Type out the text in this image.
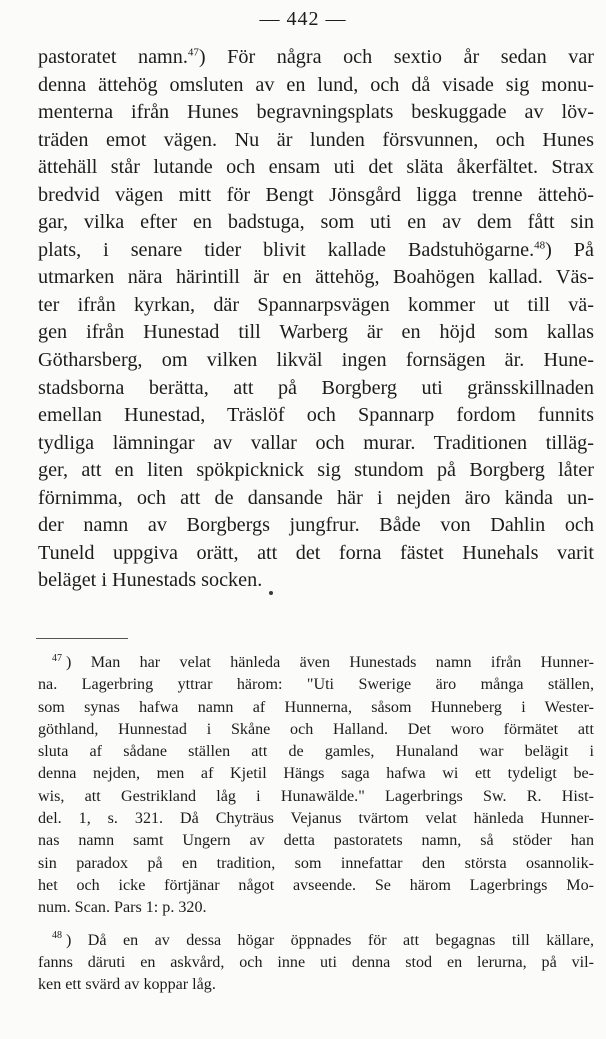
— 442 —
pastoratet namn.$^{47}$) För några och sextio år sedan var
denna ättehög omsluten av en lund, och då visade sig monu-
menterna ifrån Hunes begravningsplats beskuggade av löv-
träden emot vägen. Nu är lunden försvunnen, och Hunes
ättehäll står lutande och ensam uti det släta åkerfältet. Strax
bredvid vägen mitt för Bengt Jönsgård ligga trenne ättehö-
gar, vilka efter en badstuga, som uti en av dem fått sin
plats, i senare tider blivit kallade Badstuhögarne.$^{48}$) På
utmarken nära härintill är en ättehög, Boahögen kallad. Väs-
ter ifrån kyrkan, där Spannarpsvägen kommer ut till vä-
gen ifrån Hunestad till Warberg är en höjd som kallas
Götharsberg, om vilken likväl ingen fornsägen är. Hune-
stadsborna berätta, att på Borgberg uti gränsskillnaden
emellan Hunestad, Träslöf och Spannarp fordom funnits
tydliga lämningar av vallar och murar. Traditionen tilläg-
ger, att en liten spökpicknick sig stundom på Borgberg låter
förnimma, och att de dansande här i nejden äro kända un-
der namn av Borgbergs jungfrur. Både von Dahlin och
Tuneld uppgiva orätt, att det forna fästet Hunehals varit
beläget i Hunestads socken.
$^{47}$ ) Man har velat hänleda även Hunestads namn ifrån Hunner-
na. Lagerbring yttrar härom: "Uti Swerige äro många ställen,
som synas hafwa namn af Hunnerna, såsom Hunneberg i Wester-
göthland, Hunnestad i Skåne och Halland. Det woro förmätet att
sluta af sådane ställen att de gamles, Hunaland war belägit i
denna nejden, men af Kjetil Hängs saga hafwa wi ett tydeligt be-
wis, att Gestrikland låg i Hunawälde." Lagerbrings Sw. R. Hist-
del. 1, s. 321. Då Chyträus Vejanus tvärtom velat hänleda Hunner-
nas namn samt Ungern av detta pastoratets namn, så stöder han
sin paradox på en tradition, som innefattar den största osannolik-
het och icke förtjänar något avseende. Se härom Lagerbrings Mo-
num. Scan. Pars 1: p. 320.
$^{48}$ ) Då en av dessa högar öppnades för att begagnas till källare,
fanns däruti en askvård, och inne uti denna stod en lerurna, på vil-
ken ett svärd av koppar låg.
